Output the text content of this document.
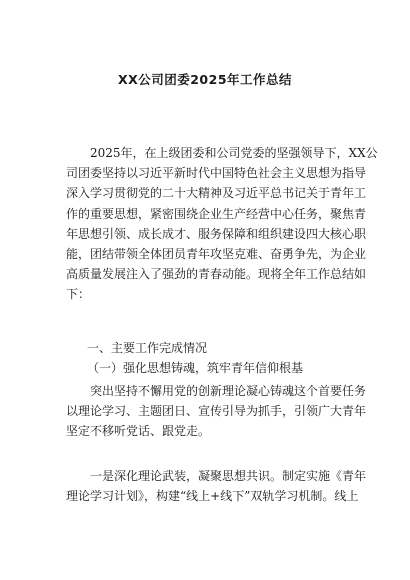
XX公司团委2025年工作总结
2025年，在上级团委和公司党委的坚强领导下，XX公
司团委坚持以习近平新时代中国特色社会主义思想为指导
深入学习贯彻党的二十大精神及习近平总书记关于青年工
作的重要思想，紧密围绕企业生产经营中心任务，聚焦青
年思想引领、成长成才、服务保障和组织建设四大核心职
能，团结带领全体团员青年攻坚克难、奋勇争先，为企业
高质量发展注入了强劲的青春动能。现将全年工作总结如
下：
一、主要工作完成情况
（一）强化思想铸魂，筑牢青年信仰根基
突出坚持不懈用党的创新理论凝心铸魂这个首要任务
以理论学习、主题团日、宣传引导为抓手，引领广大青年
坚定不移听党话、跟党走。
一是深化理论武装，凝聚思想共识。制定实施《青年
理论学习计划》，构建“线上+线下”双轨学习机制。线上
